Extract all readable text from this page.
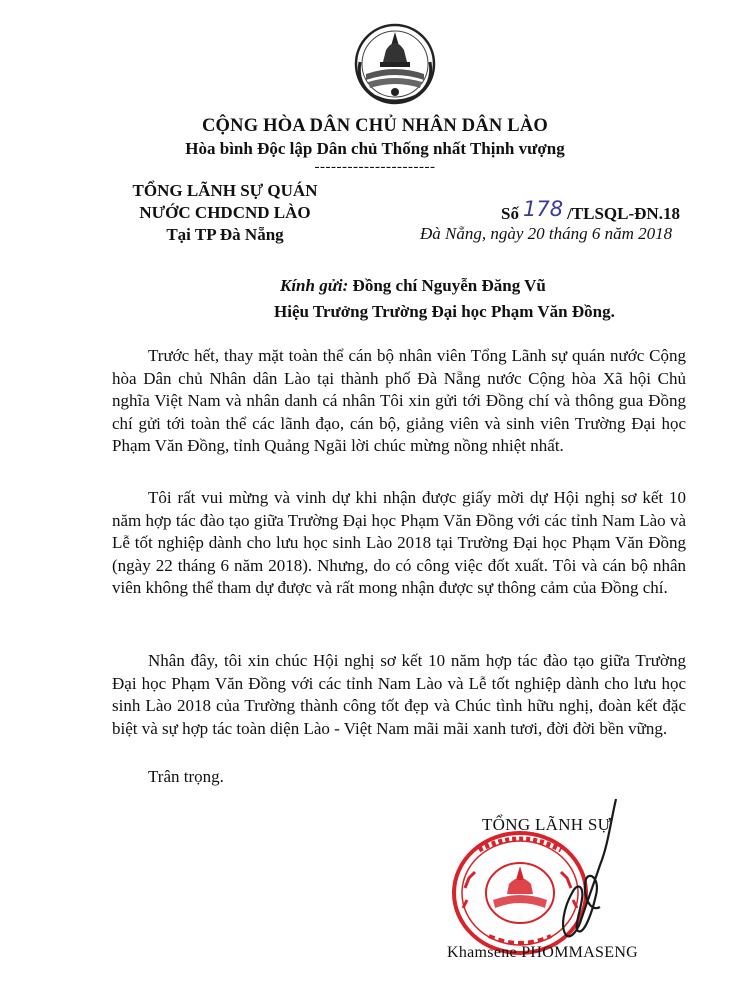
CỘNG HÒA DÂN CHỦ NHÂN DÂN LÀO
Hòa bình Độc lập Dân chủ Thống nhất Thịnh vượng
----------------------
TỔNG LÃNH SỰ QUÁN
NƯỚC CHDCND LÀO
Tại TP Đà Nẵng
Số 178 /TLSQL-ĐN.18
Đà Nẵng, ngày 20 tháng 6 năm 2018
Kính gửi: Đồng chí Nguyễn Đăng Vũ
Hiệu Trưởng Trường Đại học Phạm Văn Đồng.

Trước hết, thay mặt toàn thể cán bộ nhân viên Tổng Lãnh sự quán nước Cộng hòa Dân chủ Nhân dân Lào tại thành phố Đà Nẵng nước Cộng hòa Xã hội Chủ nghĩa Việt Nam và nhân danh cá nhân Tôi xin gửi tới Đồng chí và thông gua Đồng chí gửi tới toàn thể các lãnh đạo, cán bộ, giảng viên và sinh viên Trường Đại học Phạm Văn Đồng, tỉnh Quảng Ngãi lời chúc mừng nồng nhiệt nhất.

Tôi rất vui mừng và vinh dự khi nhận được giấy mời dự Hội nghị sơ kết 10 năm hợp tác đào tạo giữa Trường Đại học Phạm Văn Đồng với các tỉnh Nam Lào và Lễ tốt nghiệp dành cho lưu học sinh Lào 2018 tại Trường Đại học Phạm Văn Đồng (ngày 22 tháng 6 năm 2018). Nhưng, do có công việc đốt xuất. Tôi và cán bộ nhân viên không thể tham dự được và rất mong nhận được sự thông cảm của Đồng chí.

Nhân đây, tôi xin chúc Hội nghị sơ kết 10 năm hợp tác đào tạo giữa Trường Đại học Phạm Văn Đồng với các tỉnh Nam Lào và Lễ tốt nghiệp dành cho lưu học sinh Lào 2018 của Trường thành công tốt đẹp và Chúc tình hữu nghị, đoàn kết đặc biệt và sự hợp tác toàn diện Lào - Việt Nam mãi mãi xanh tươi, đời đời bền vững.

Trân trọng.
TỔNG LÃNH SỰ
Khamsene PHOMMASENG
